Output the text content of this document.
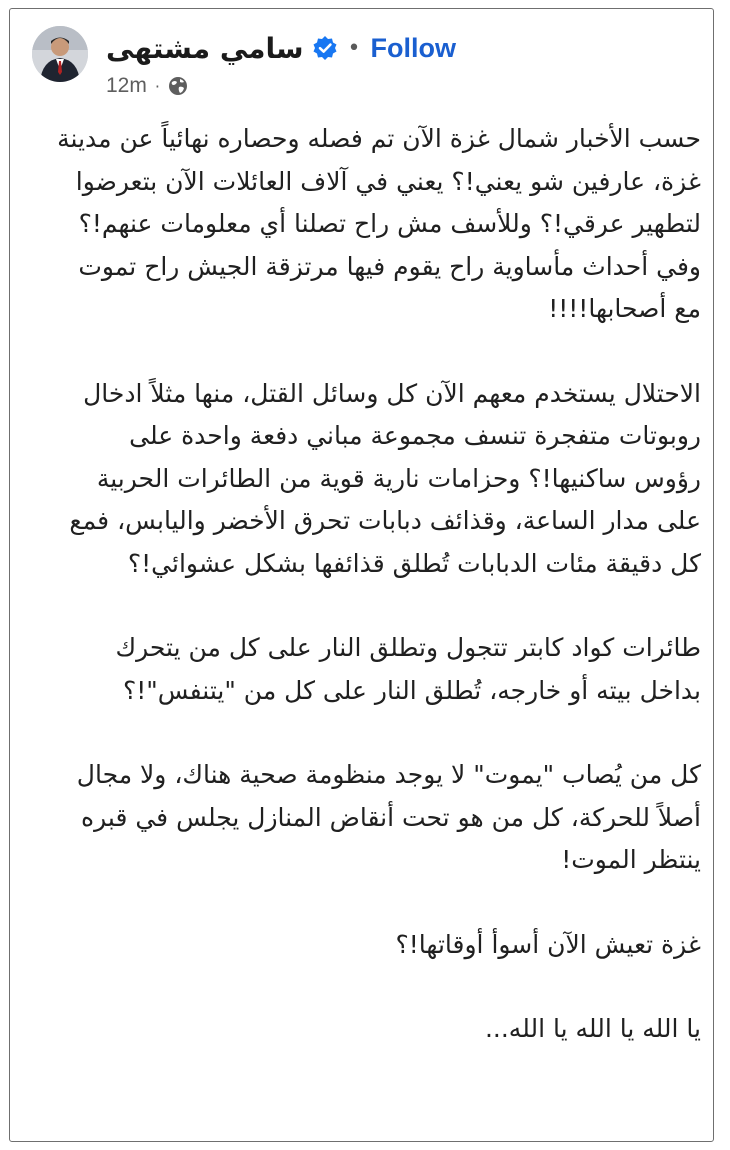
سامي مشتهى • Follow
12m ·

حسب الأخبار شمال غزة الآن تم فصله وحصاره نهائياً عن مدينة غزة، عارفين شو يعني!؟ يعني في آلاف العائلات الآن بتعرضوا لتطهير عرقي!؟ وللأسف مش راح تصلنا أي معلومات عنهم!؟ وفي أحداث مأساوية راح يقوم فيها مرتزقة الجيش راح تموت مع أصحابها!!!!

الاحتلال يستخدم معهم الآن كل وسائل القتل، منها مثلاً ادخال روبوتات متفجرة تنسف مجموعة مباني دفعة واحدة على رؤوس ساكنيها!؟ وحزامات نارية قوية من الطائرات الحربية على مدار الساعة، وقذائف دبابات تحرق الأخضر واليابس، فمع كل دقيقة مئات الدبابات تُطلق قذائفها بشكل عشوائي!؟

طائرات كواد كابتر تتجول وتطلق النار على كل من يتحرك بداخل بيته أو خارجه، تُطلق النار على كل من "يتنفس"!؟

كل من يُصاب "يموت" لا يوجد منظومة صحية هناك، ولا مجال أصلاً للحركة، كل من هو تحت أنقاض المنازل يجلس في قبره ينتظر الموت!

غزة تعيش الآن أسوأ أوقاتها!؟

يا الله يا الله يا الله...
